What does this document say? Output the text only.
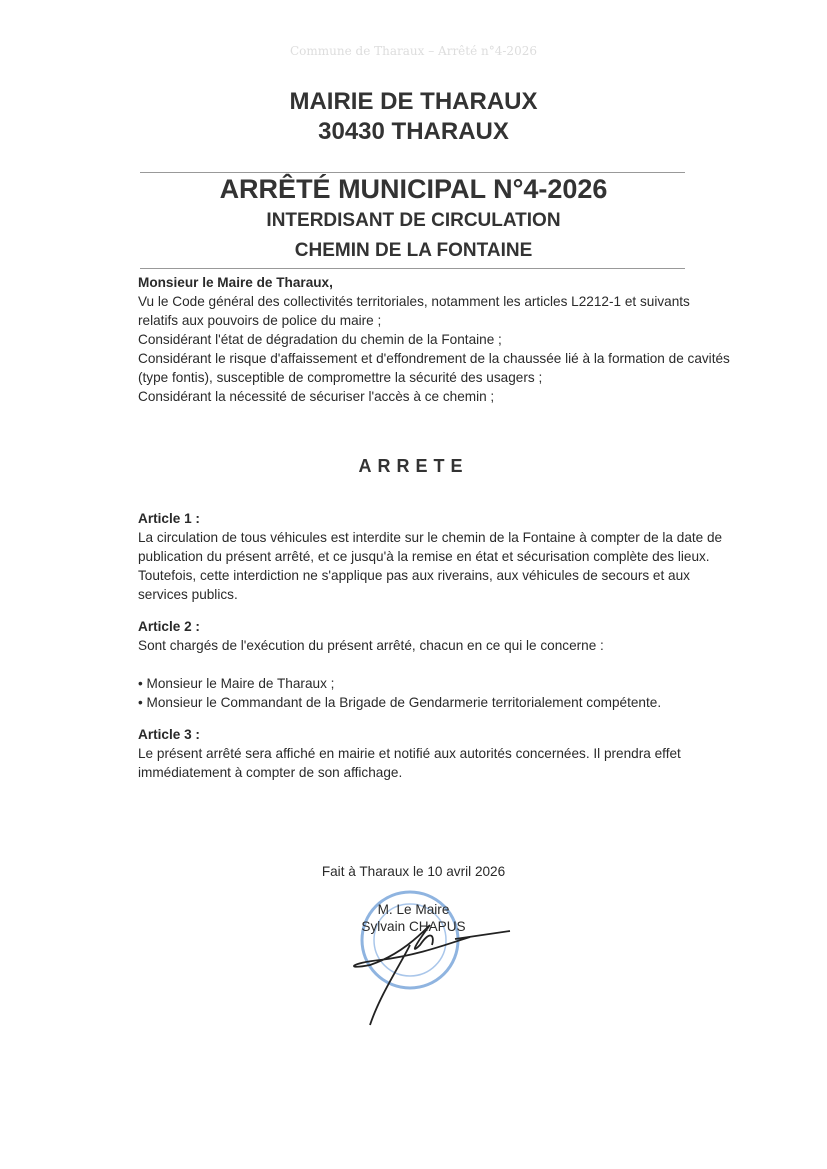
Commune de Tharaux – Arrêté n°4-2026
MAIRIE DE THARAUX
30430 THARAUX
ARRÊTÉ MUNICIPAL N°4-2026
INTERDISANT DE CIRCULATION
CHEMIN DE LA FONTAINE

Monsieur le Maire de Tharaux,

Vu le Code général des collectivités territoriales, notamment les articles L2212-1 et suivants relatifs aux pouvoirs de police du maire ;

Considérant l'état de dégradation du chemin de la Fontaine ;

Considérant le risque d'affaissement et d'effondrement de la chaussée lié à la formation de cavités (type fontis), susceptible de compromettre la sécurité des usagers ;

Considérant la nécessité de sécuriser l'accès à ce chemin ;

ARRETE

Article 1 :

La circulation de tous véhicules est interdite sur le chemin de la Fontaine à compter de la date de publication du présent arrêté, et ce jusqu'à la remise en état et sécurisation complète des lieux.

Toutefois, cette interdiction ne s'applique pas aux riverains, aux véhicules de secours et aux services publics.

Article 2 :

Sont chargés de l'exécution du présent arrêté, chacun en ce qui le concerne :

• Monsieur le Maire de Tharaux ;

• Monsieur le Commandant de la Brigade de Gendarmerie territorialement compétente.

Article 3 :

Le présent arrêté sera affiché en mairie et notifié aux autorités concernées. Il prendra effet immédiatement à compter de son affichage.

Fait à Tharaux le 10 avril 2026
M. Le Maire
Sylvain CHAPUS
